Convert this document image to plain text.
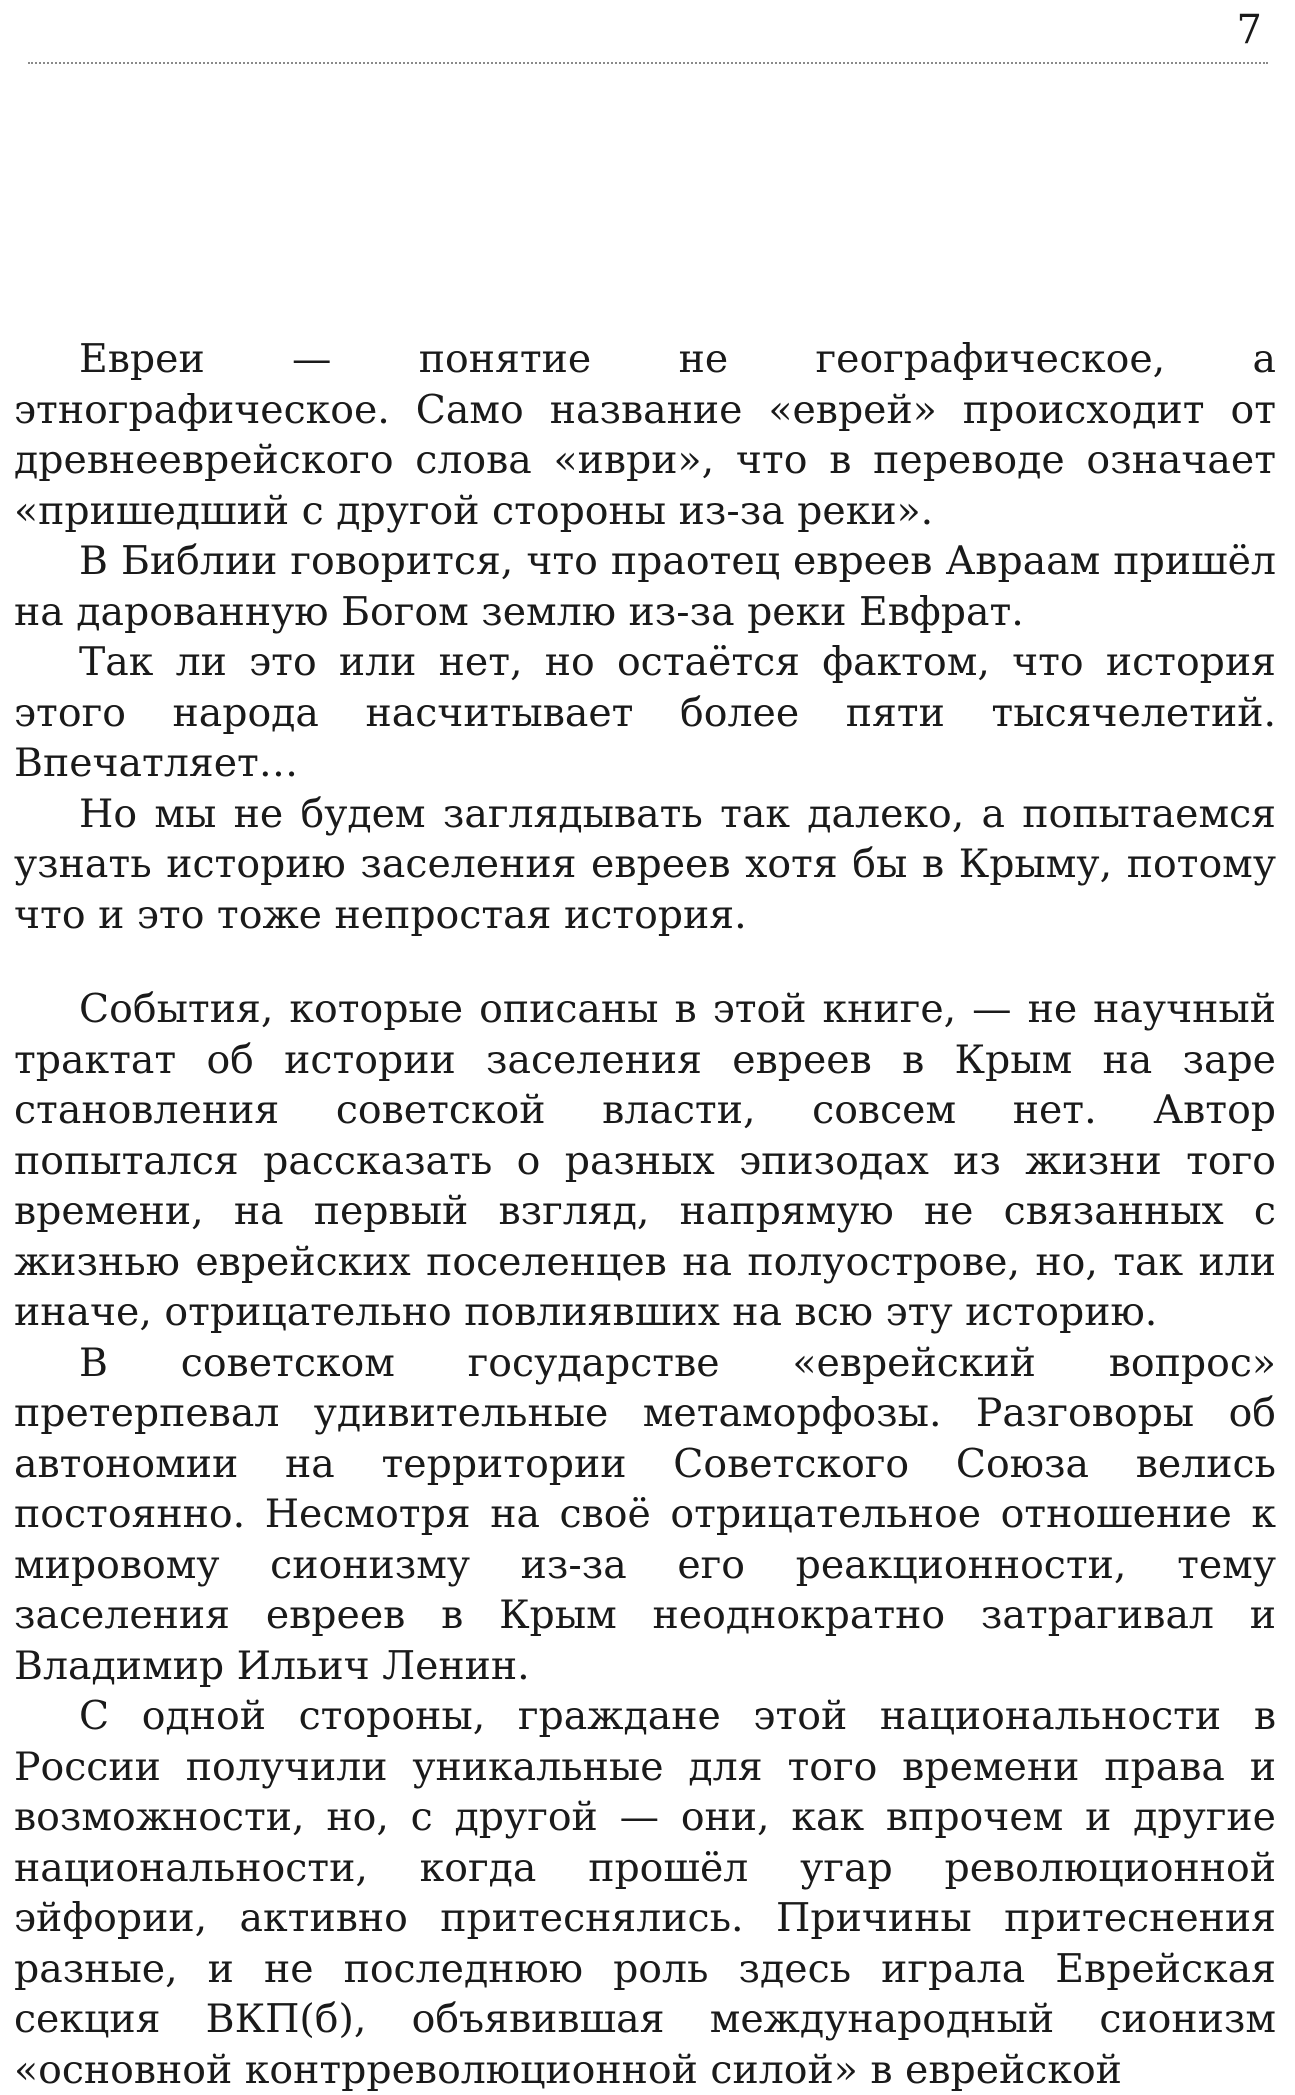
7

Евреи — понятие не географическое, а этнографическое. Само название «еврей» происходит от древнееврейского слова «иври», что в переводе означает «пришедший с другой стороны из-за реки».

В Библии говорится, что праотец евреев Авраам пришёл на дарованную Богом землю из-за реки Евфрат.

Так ли это или нет, но остаётся фактом, что история этого народа насчитывает более пяти тысячелетий. Впечатляет…

Но мы не будем заглядывать так далеко, а попытаемся узнать историю заселения евреев хотя бы в Крыму, потому что и это тоже непростая история.

События, которые описаны в этой книге, — не научный трактат об истории заселения евреев в Крым на заре становления советской власти, совсем нет. Автор попытался рассказать о разных эпизодах из жизни того времени, на первый взгляд, напрямую не связанных с жизнью еврейских поселенцев на полуострове, но, так или иначе, отрицательно повлиявших на всю эту историю.

В советском государстве «еврейский вопрос» претерпевал удивительные метаморфозы. Разговоры об автономии на территории Советского Союза велись постоянно. Несмотря на своё отрицательное отношение к мировому сионизму из-за его реакционности, тему заселения евреев в Крым неоднократно затрагивал и Владимир Ильич Ленин.

С одной стороны, граждане этой национальности в России получили уникальные для того времени права и возможности, но, с другой — они, как впрочем и другие национальности, когда прошёл угар революционной эйфории, активно притеснялись. Причины притеснения разные, и не последнюю роль здесь играла Еврейская секция ВКП(б), объявившая международный сионизм «основной контрреволюционной силой» в еврейской
